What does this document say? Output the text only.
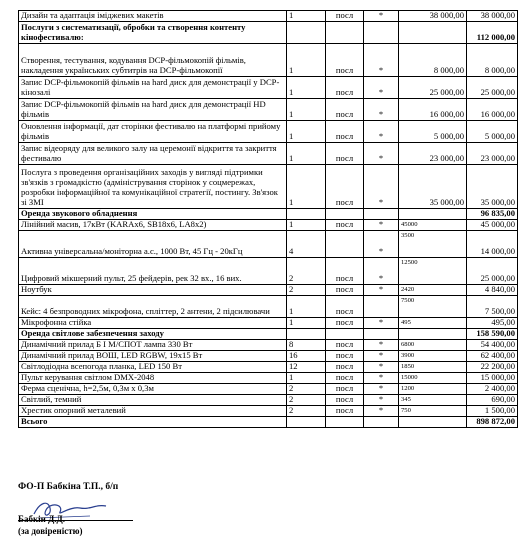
Дизайн та адаптація іміджевих макетів	1	посл	*	38 000,00	38 000,00
Послуги з систематизації, обробки та створення контенту кінофестивалю:					112 000,00
Створення, тестування, кодування DCP-фільмокопій фільмів, накладення українських субтитрів на DCP-фільмокопії	1	посл	*	8 000,00	8 000,00
Запис DCP-фільмокопій фільмів на hard диск для демонстрації у DCP-кінозалі	1	посл	*	25 000,00	25 000,00
Запис DCP-фільмокопій фільмів на hard диск для демонстрації HD фільмів	1	посл	*	16 000,00	16 000,00
Оновлення інформації, дат сторінки фестивалю на платформі прийому фільмів	1	посл	*	5 000,00	5 000,00
Запис відеоряду для великого залу на церемонії відкриття та закриття фестивалю	1	посл	*	23 000,00	23 000,00
Послуга з проведення організаційних заходів у вигляді підтримки зв'язків з громадкістю (адміністрування сторінок у соцмережах, розробки інформаційної та комунікаційної стратегії, постингу. Зв'язок зі ЗМІ	1	посл	*	35 000,00	35 000,00
Оренда звукового обладнення					96 835,00
Лінійний масив, 17кВт (KARAx6, SB18x6, LA8x2)	1	посл	*	45000	45 000,00
Активна універсальна/моніторна а.с., 1000 Вт, 45 Гц - 20кГц	4		*	3500	14 000,00
Цифровий мікшерний пульт, 25 фейдерів, рек 32 вх., 16 вих.	2	посл	*	12500	25 000,00
Ноутбук	2	посл	*	2420	4 840,00
Кейс: 4 безпроводних мікрофона, спліттер, 2 антени, 2 підсилювачи	1	посл		7500	7 500,00
Мікрофонна стійка	1	посл	*	495	495,00
Оренда світлове забезпечення заходу					158 590,00
Динамічний прилад Б І М/СПОТ лампа 330 Вт	8	посл	*	6800	54 400,00
Динамічний прилад ВОШ, LED RGBW, 19x15 Вт	16	посл	*	3900	62 400,00
Світлодіодна всепогода планка, LED 150 Вт	12	посл	*	1850	22 200,00
Пульт керування світлом DMX-2048	1	посл	*	15000	15 000,00
Ферма сценічна, h=2,5м, 0,3м х 0,3м	2	посл	*	1200	2 400,00
Світлий, темний	2	посл	*	345	690,00
Хрестик опорний металевий	2	посл	*	750	1 500,00
Всього					898 872,00
ФО-П Бабкіна Т.П., б/п
Бабкін Д.Д.
(за довіреністю)
